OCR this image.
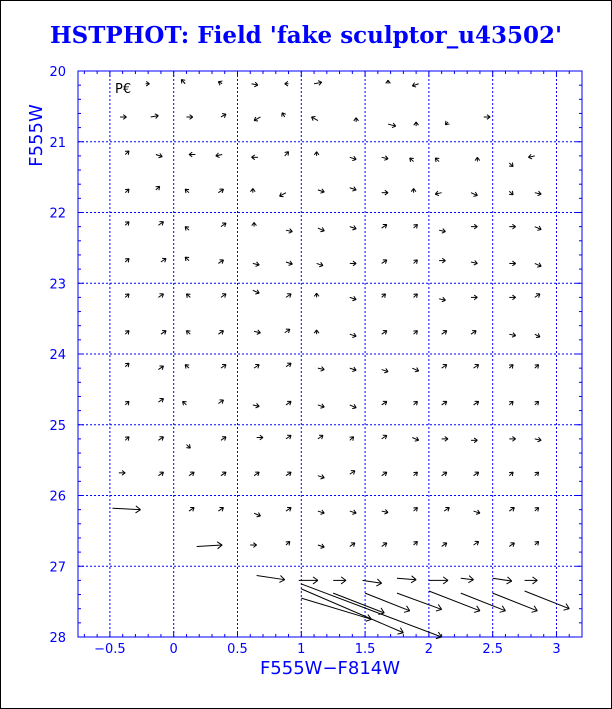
HSTPHOT: Field 'fake sculptor_u43502'
−0.5	0	0.5	1	1.5	2	2.5	3
20
21
22
23
24
25
26
27
28
P€
F555W−F814W
F555W
